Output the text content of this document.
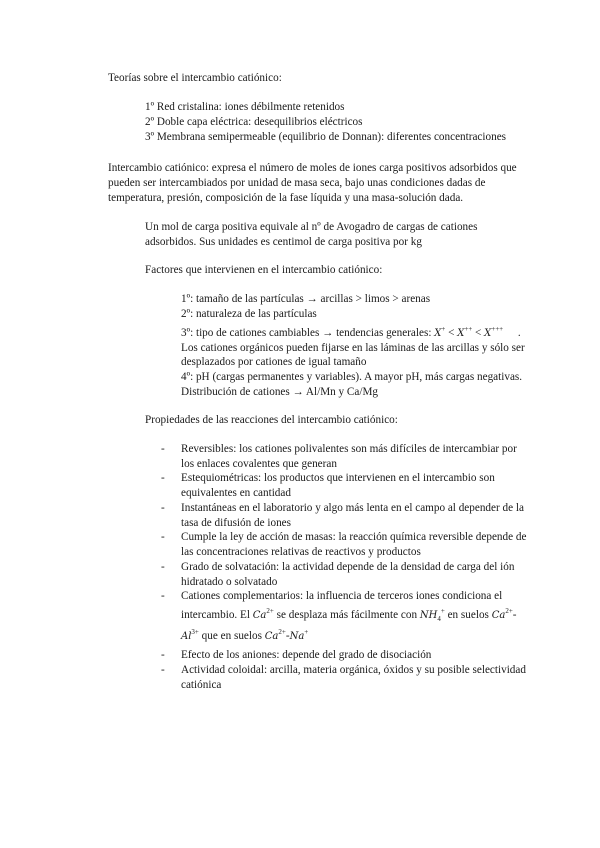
Teorías sobre el intercambio catiónico:
1º Red cristalina: iones débilmente retenidos
2º Doble capa eléctrica: desequilibrios eléctricos
3º Membrana semipermeable (equilibrio de Donnan): diferentes concentraciones
Intercambio catiónico: expresa el número de moles de iones carga positivos adsorbidos que
pueden ser intercambiados por unidad de masa seca, bajo unas condiciones dadas de
temperatura, presión, composición de la fase líquida y una masa-solución dada.
Un mol de carga positiva equivale al nº de Avogadro de cargas de cationes
adsorbidos. Sus unidades es centimol de carga positiva por kg
Factores que intervienen en el intercambio catiónico:
1º: tamaño de las partículas → arcillas > limos > arenas
2º: naturaleza de las partículas
3º: tipo de cationes cambiables → tendencias generales: X+ < X++ < X+++ .
Los cationes orgánicos pueden fijarse en las láminas de las arcillas y sólo ser
desplazados por cationes de igual tamaño
4º: pH (cargas permanentes y variables). A mayor pH, más cargas negativas.
Distribución de cationes → Al/Mn y Ca/Mg
Propiedades de las reacciones del intercambio catiónico:
- Reversibles: los cationes polivalentes son más difíciles de intercambiar por
los enlaces covalentes que generan
- Estequiométricas: los productos que intervienen en el intercambio son
equivalentes en cantidad
- Instantáneas en el laboratorio y algo más lenta en el campo al depender de la
tasa de difusión de iones
- Cumple la ley de acción de masas: la reacción química reversible depende de
las concentraciones relativas de reactivos y productos
- Grado de solvatación: la actividad depende de la densidad de carga del ión
hidratado o solvatado
- Cationes complementarios: la influencia de terceros iones condiciona el
intercambio. El $Ca^{2+}$ se desplaza más fácilmente con $NH_4^+$ en suelos $Ca^{2+}-$
$Al^{3+}$ que en suelos $Ca^{2+}-Na^+$
- Efecto de los aniones: depende del grado de disociación
- Actividad coloidal: arcilla, materia orgánica, óxidos y su posible selectividad
catiónica
